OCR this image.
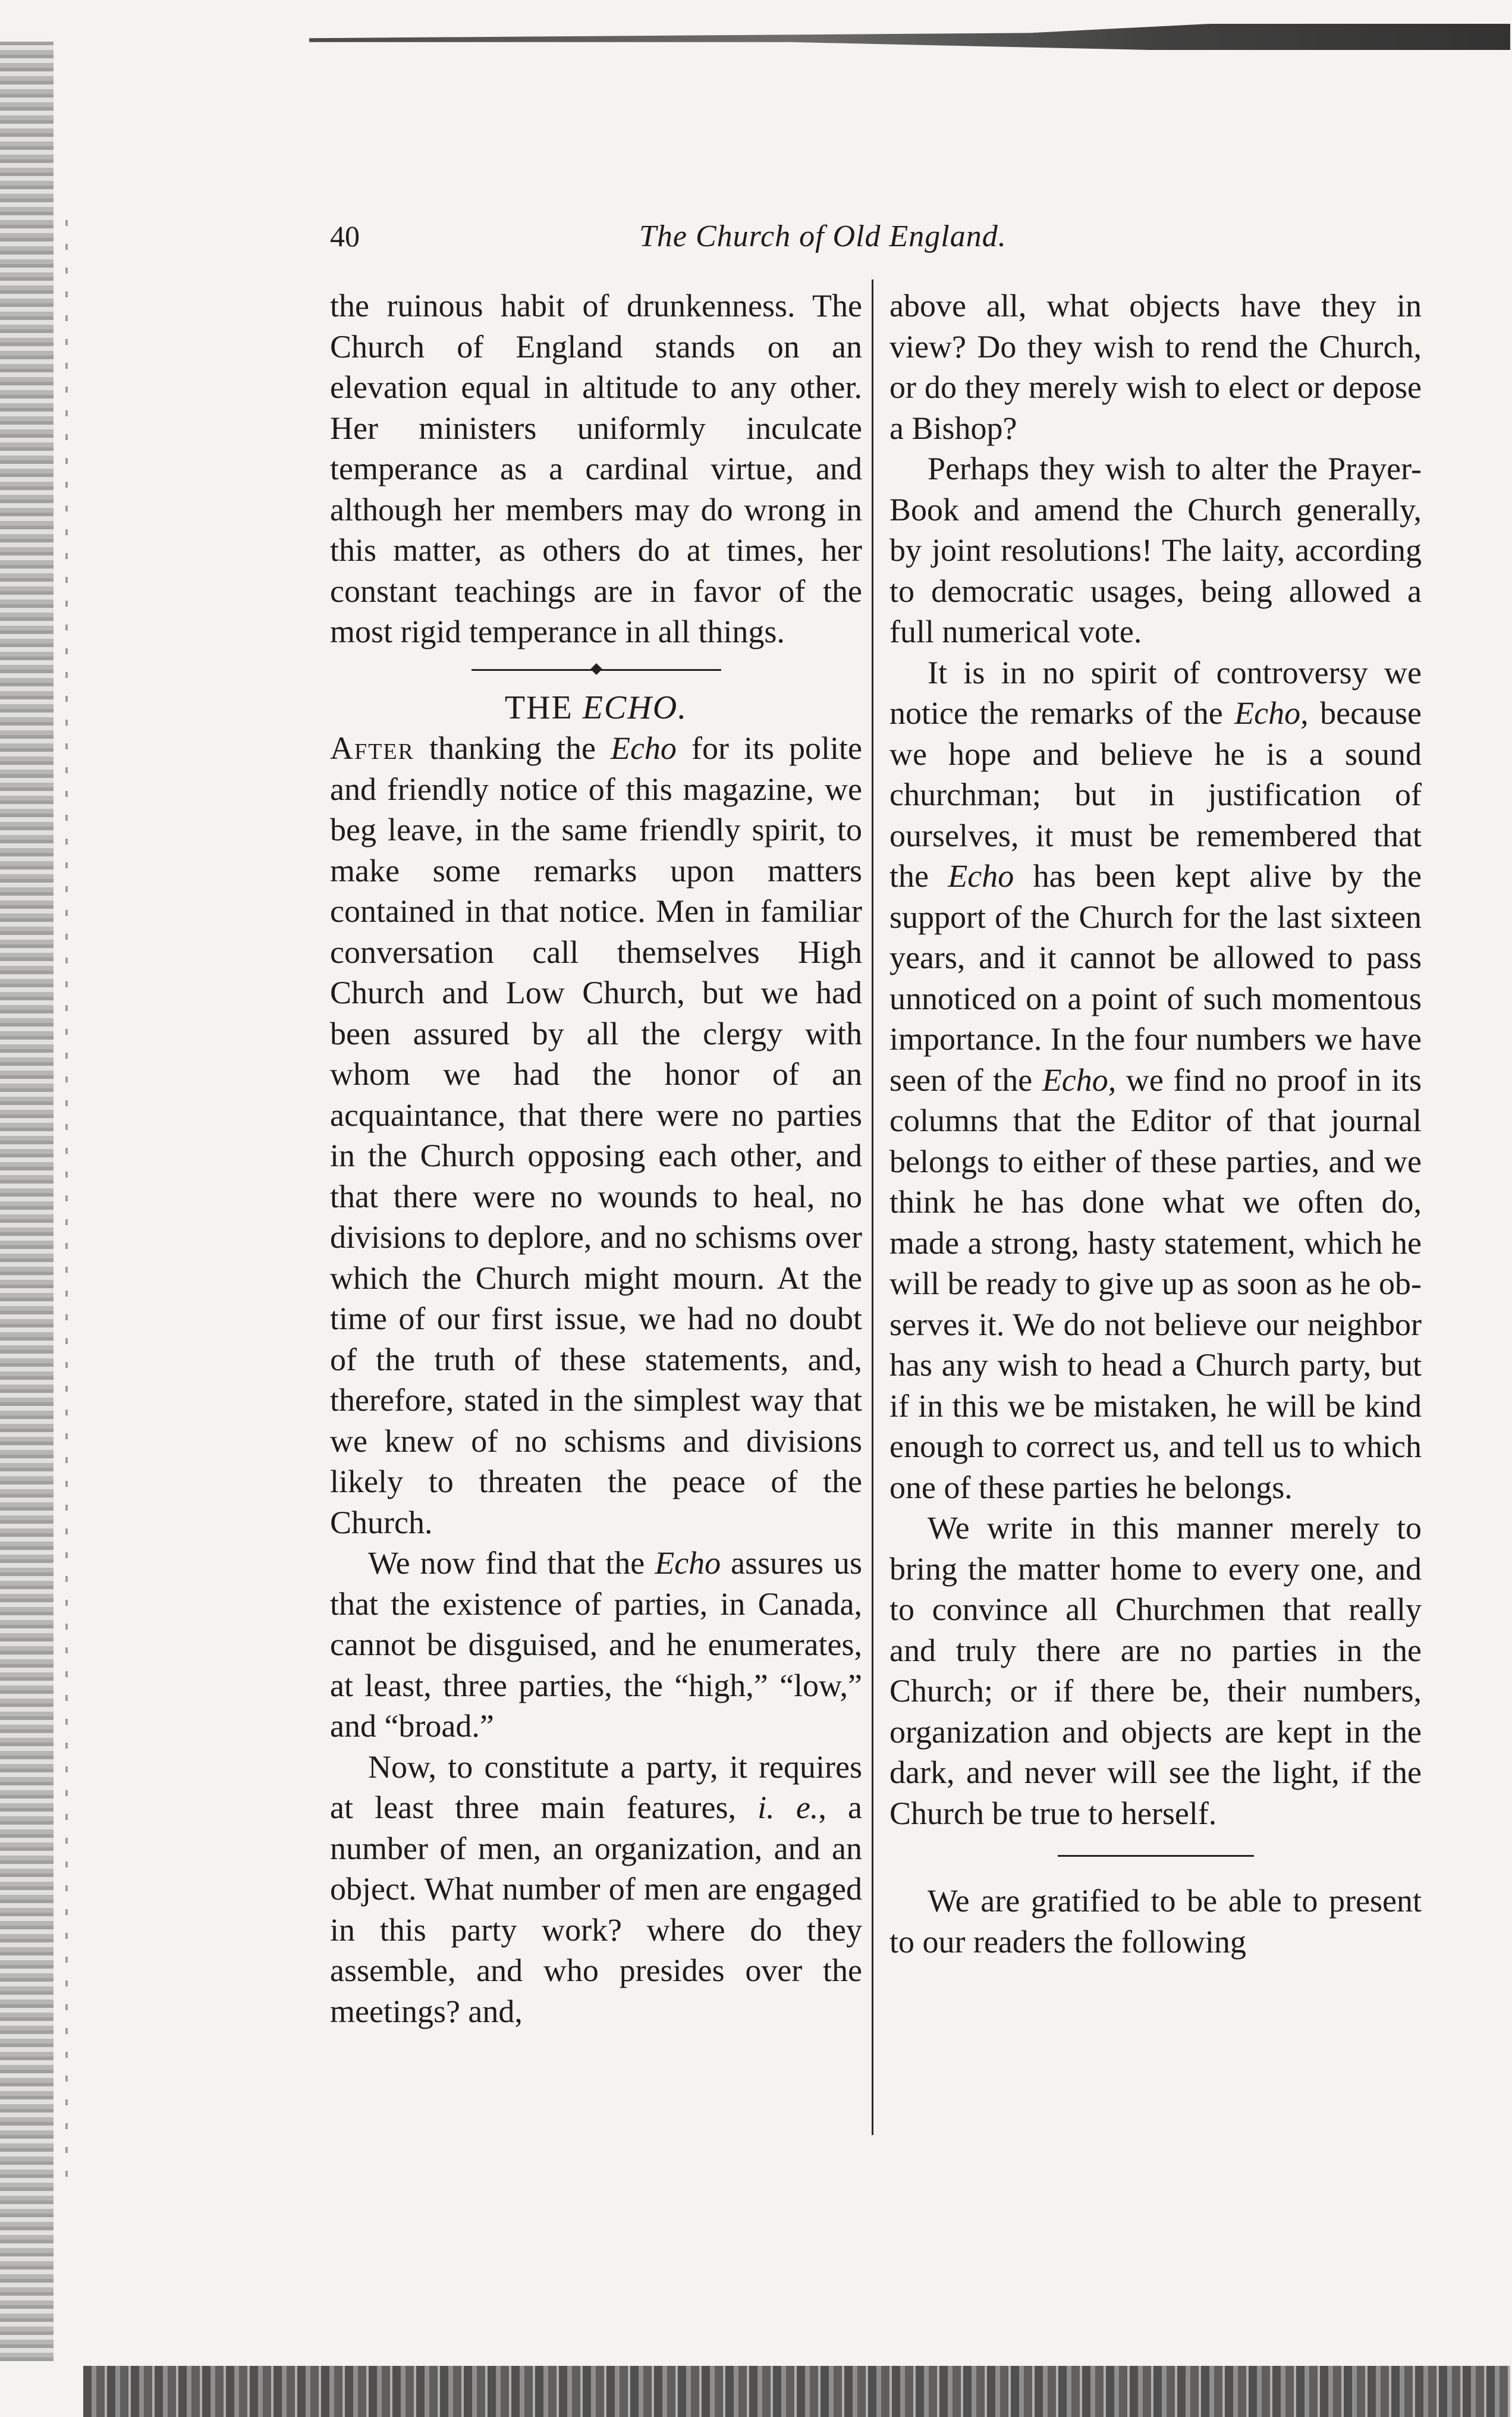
40	The Church of Old England.

the ruinous habit of drunkenness. The Church of England stands on an elevation equal in altitude to any other. Her ministers uniformly inculcate temperance as a cardinal virtue, and although her members may do wrong in this matter, as others do at times, her constant teachings are in favor of the most rigid temperance in all things.

THE ECHO.

After thanking the Echo for its polite and friendly notice of this magazine, we beg leave, in the same friendly spirit, to make some remarks upon matters contained in that notice. Men in familiar conversation call themselves High Church and Low Church, but we had been assured by all the clergy with whom we had the honor of an acquaintance, that there were no parties in the Church opposing each other, and that there were no wounds to heal, no divisions to deplore, and no schisms over which the Church might mourn. At the time of our first issue, we had no doubt of the truth of these statements, and, therefore, stated in the simplest way that we knew of no schisms and divisions likely to threaten the peace of the Church.

We now find that the Echo assures us that the existence of parties, in Canada, cannot be disguised, and he enumerates, at least, three parties, the “high,” “low,” and “broad.”

Now, to constitute a party, it requires at least three main features, i. e., a number of men, an organization, and an object. What number of men are engaged in this party work? where do they assemble, and who presides over the meetings? and,

above all, what objects have they in view? Do they wish to rend the Church, or do they merely wish to elect or depose a Bishop?

Perhaps they wish to alter the Prayer-Book and amend the Church generally, by joint resolutions! The laity, according to democratic usages, being allowed a full numerical vote.

It is in no spirit of controversy we notice the remarks of the Echo, because we hope and believe he is a sound churchman; but in justification of ourselves, it must be remembered that the Echo has been kept alive by the support of the Church for the last sixteen years, and it cannot be allowed to pass unnoticed on a point of such momentous importance. In the four numbers we have seen of the Echo, we find no proof in its columns that the Editor of that journal belongs to either of these parties, and we think he has done what we often do, made a strong, hasty statement, which he will be ready to give up as soon as he observes it. We do not believe our neighbor has any wish to head a Church party, but if in this we be mistaken, he will be kind enough to correct us, and tell us to which one of these parties he belongs.

We write in this manner merely to bring the matter home to every one, and to convince all Churchmen that really and truly there are no parties in the Church; or if there be, their numbers, organization and objects are kept in the dark, and never will see the light, if the Church be true to herself.

We are gratified to be able to present to our readers the following
